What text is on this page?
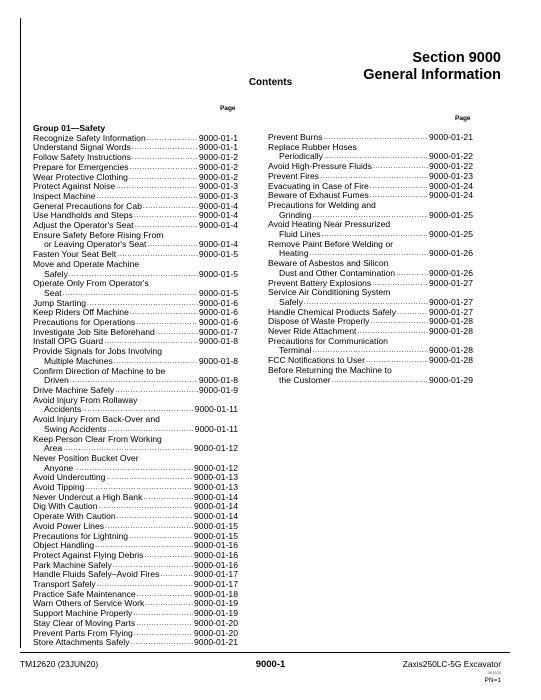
Section 9000
General Information
Contents
Page
Page
Group 01—Safety
Recognize Safety Information .....	9000-01-1
Understand Signal Words .....	9000-01-1
Follow Safety Instructions .....	9000-01-2
Prepare for Emergencies .....	9000-01-2
Wear Protective Clothing .....	9000-01-2
Protect Against Noise .....	9000-01-3
Inspect Machine .....	9000-01-3
General Precautions for Cab .....	9000-01-4
Use Handholds and Steps .....	9000-01-4
Adjust the Operator's Seat .....	9000-01-4
Ensure Safety Before Rising From
or Leaving Operator's Seat .....	9000-01-4
Fasten Your Seat Belt .....	9000-01-5
Move and Operate Machine
Safely .....	9000-01-5
Operate Only From Operator's
Seat .....	9000-01-5
Jump Starting .....	9000-01-6
Keep Riders Off Machine .....	9000-01-6
Precautions for Operations .....	9000-01-6
Investigate Job Site Beforehand .....	9000-01-7
Install OPG Guard .....	9000-01-8
Provide Signals for Jobs Involving
Multiple Machines .....	9000-01-8
Confirm Direction of Machine to be
Driven .....	9000-01-8
Drive Machine Safely .....	9000-01-9
Avoid Injury From Rollaway
Accidents .....	9000-01-11
Avoid Injury From Back-Over and
Swing Accidents .....	9000-01-11
Keep Person Clear From Working
Area .....	9000-01-12
Never Position Bucket Over
Anyone .....	9000-01-12
Avoid Undercutting .....	9000-01-13
Avoid Tipping .....	9000-01-13
Never Undercut a High Bank .....	9000-01-14
Dig With Caution .....	9000-01-14
Operate With Caution .....	9000-01-14
Avoid Power Lines .....	9000-01-15
Precautions for Lightning .....	9000-01-15
Object Handling .....	9000-01-16
Protect Against Flying Debris .....	9000-01-16
Park Machine Safely .....	9000-01-16
Handle Fluids Safely–Avoid Fires .....	9000-01-17
Transport Safely .....	9000-01-17
Practice Safe Maintenance .....	9000-01-18
Warn Others of Service Work .....	9000-01-19
Support Machine Properly .....	9000-01-19
Stay Clear of Moving Parts .....	9000-01-20
Prevent Parts From Flying .....	9000-01-20
Store Attachments Safely .....	9000-01-21
Prevent Burns .....	9000-01-21
Replace Rubber Hoses
Periodically .....	9000-01-22
Avoid High-Pressure Fluids .....	9000-01-22
Prevent Fires .....	9000-01-23
Evacuating in Case of Fire .....	9000-01-24
Beware of Exhaust Fumes .....	9000-01-24
Precautions for Welding and
Grinding .....	9000-01-25
Avoid Heating Near Pressurized
Fluid Lines .....	9000-01-25
Remove Paint Before Welding or
Heating .....	9000-01-26
Beware of Asbestos and Silicon
Dust and Other Contamination .....	9000-01-26
Prevent Battery Explosions .....	9000-01-27
Service Air Conditioning System
Safely .....	9000-01-27
Handle Chemical Products Safely .....	9000-01-27
Dispose of Waste Properly .....	9000-01-28
Never Ride Attachment .....	9000-01-28
Precautions for Communication
Terminal .....	9000-01-28
FCC Notifications to User .....	9000-01-28
Before Returning the Machine to
the Customer .....	9000-01-29
TM12620 (23JUN20)	9000-1	Zaxis250LC-5G Excavator
061520
PN=1
